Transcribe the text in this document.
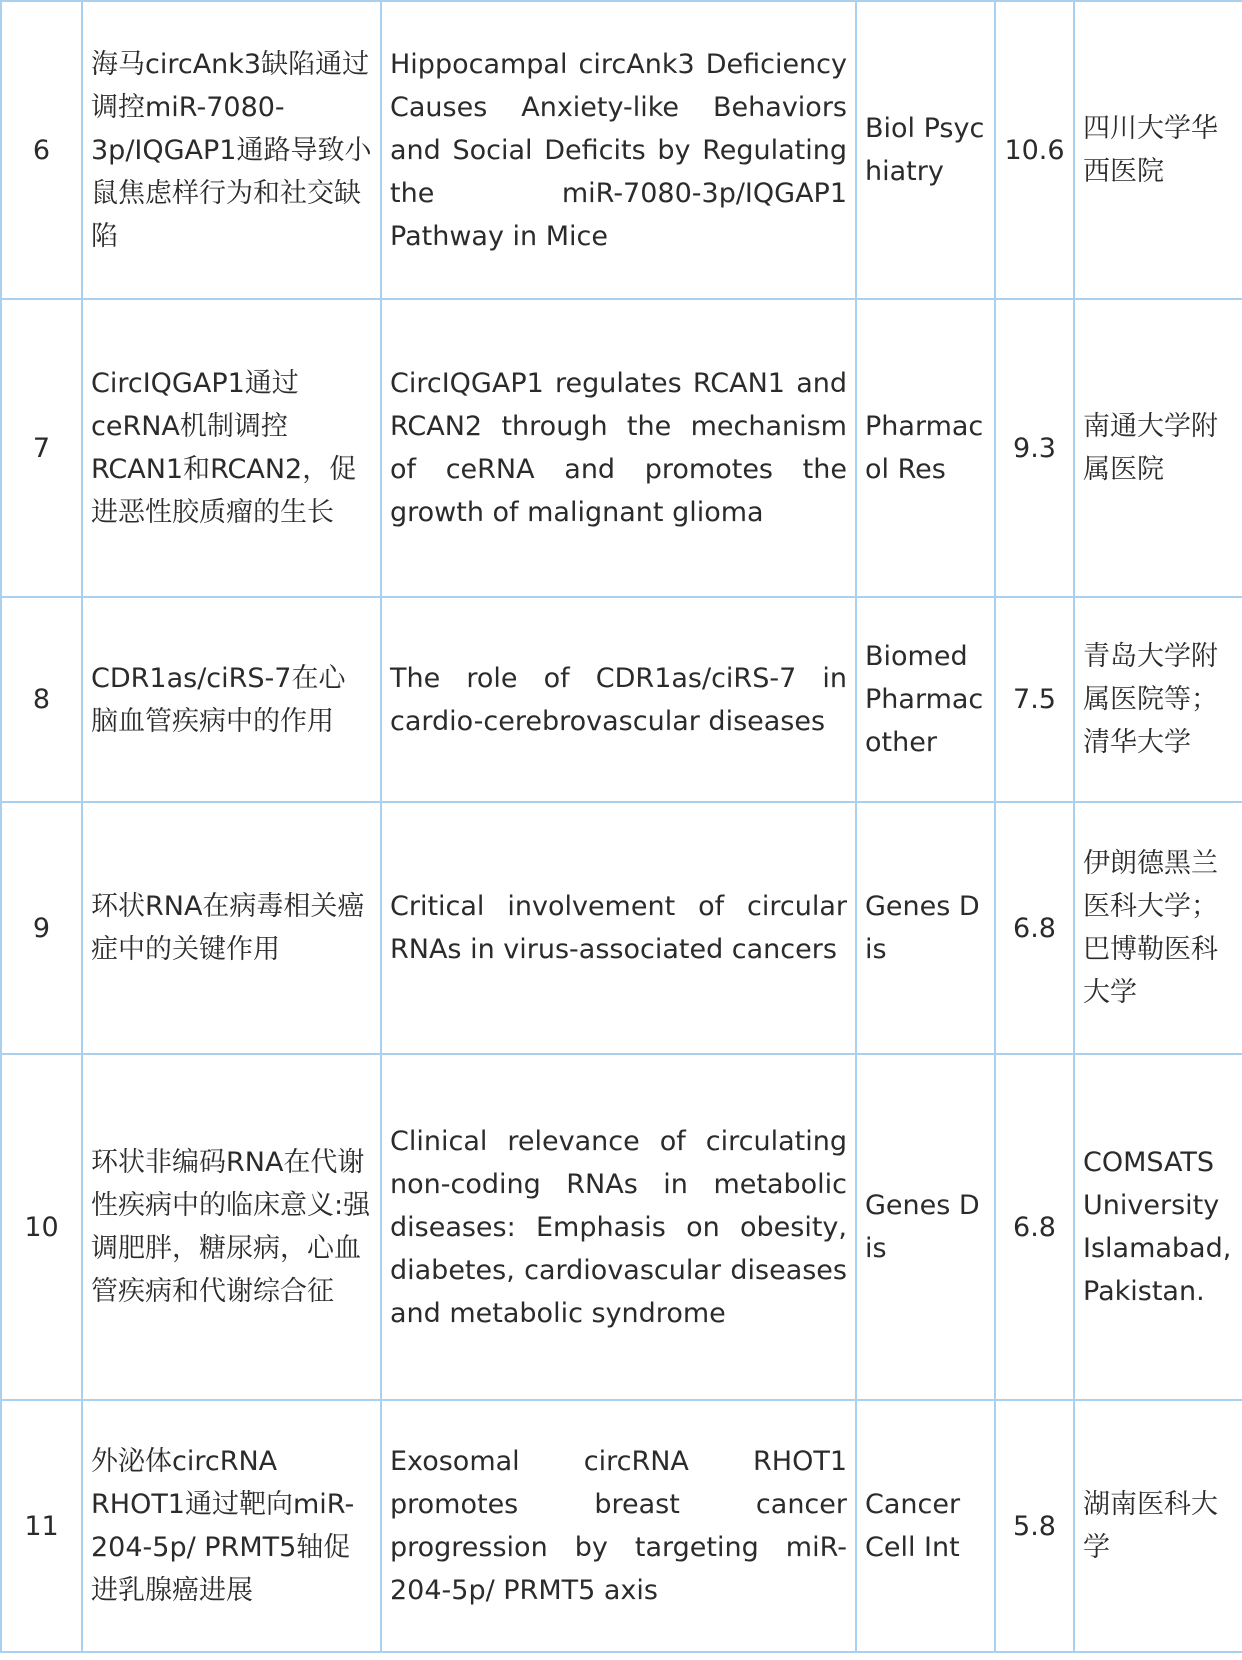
6	海马circAnk3缺陷通过调控miR-7080-3p/IQGAP1通路导致小鼠焦虑样行为和社交缺陷	Hippocampal circAnk3 Deficiency Causes Anxiety-like Behaviors and Social Deficits by Regulating the miR-7080-3p/IQGAP1 Pathway in Mice	Biol Psychiatry	10.6	四川大学华西医院
7	CircIQGAP1通过ceRNA机制调控RCAN1和RCAN2，促进恶性胶质瘤的生长	CircIQGAP1 regulates RCAN1 and RCAN2 through the mechanism of ceRNA and promotes the growth of malignant glioma	Pharmacol Res	9.3	南通大学附属医院
8	CDR1as/ciRS-7在心脑血管疾病中的作用	The role of CDR1as/ciRS-7 in cardio-cerebrovascular diseases	Biomed Pharmacother	7.5	青岛大学附属医院等；清华大学
9	环状RNA在病毒相关癌症中的关键作用	Critical involvement of circular RNAs in virus-associated cancers	Genes Dis	6.8	伊朗德黑兰医科大学；巴博勒医科大学
10	环状非编码RNA在代谢性疾病中的临床意义:强调肥胖，糖尿病，心血管疾病和代谢综合征	Clinical relevance of circulating non-coding RNAs in metabolic diseases: Emphasis on obesity, diabetes, cardiovascular diseases and metabolic syndrome	Genes Dis	6.8	COMSATS University Islamabad, Pakistan.
11	外泌体circRNA RHOT1通过靶向miR-204-5p/ PRMT5轴促进乳腺癌进展	Exosomal circRNA RHOT1 promotes breast cancer progression by targeting miR-204-5p/ PRMT5 axis	Cancer Cell Int	5.8	湖南医科大学
